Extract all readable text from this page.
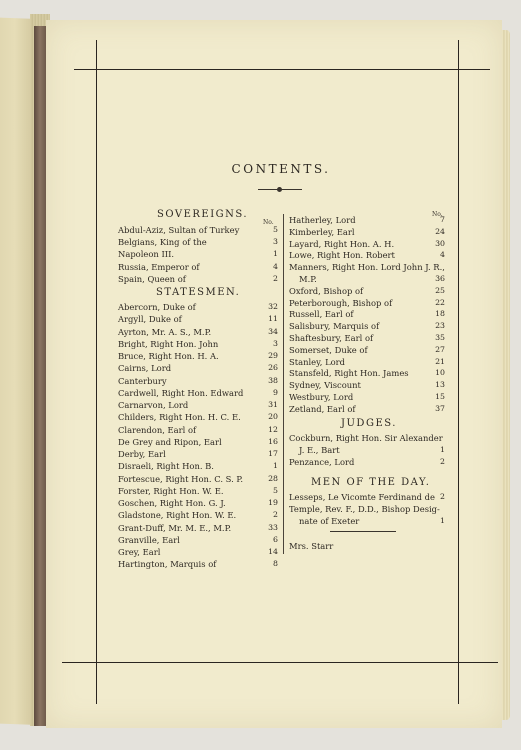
CONTENTS.
SOVEREIGNS.
No.
Abdul-Aziz, Sultan of Turkey	5
Belgians, King of the	3
Napoleon III.	1
Russia, Emperor of	4
Spain, Queen of	2
STATESMEN.
Abercorn, Duke of	32
Argyll, Duke of	11
Ayrton, Mr. A. S., M.P.	34
Bright, Right Hon. John	3
Bruce, Right Hon. H. A.	29
Cairns, Lord	26
Canterbury	38
Cardwell, Right Hon. Edward	9
Carnarvon, Lord	31
Childers, Right Hon. H. C. E.	20
Clarendon, Earl of	12
De Grey and Ripon, Earl	16
Derby, Earl	17
Disraeli, Right Hon. B.	1
Fortescue, Right Hon. C. S. P.	28
Forster, Right Hon. W. E.	5
Goschen, Right Hon. G. J.	19
Gladstone, Right Hon. W. E.	2
Grant-Duff, Mr. M. E., M.P.	33
Granville, Earl	6
Grey, Earl	14
Hartington, Marquis of	8
No.
Hatherley, Lord	7
Kimberley, Earl	24
Layard, Right Hon. A. H.	30
Lowe, Right Hon. Robert	4
Manners, Right Hon. Lord John J. R.,
M.P.	36
Oxford, Bishop of	25
Peterborough, Bishop of	22
Russell, Earl of	18
Salisbury, Marquis of	23
Shaftesbury, Earl of	35
Somerset, Duke of	27
Stanley, Lord	21
Stansfeld, Right Hon. James	10
Sydney, Viscount	13
Westbury, Lord	15
Zetland, Earl of	37
JUDGES.
Cockburn, Right Hon. Sir Alexander
J. E., Bart	1
Penzance, Lord	2
MEN OF THE DAY.
Lesseps, Le Vicomte Ferdinand de 2
Temple, Rev. F., D.D., Bishop Desig-
nate of Exeter	1
Mrs. Starr
